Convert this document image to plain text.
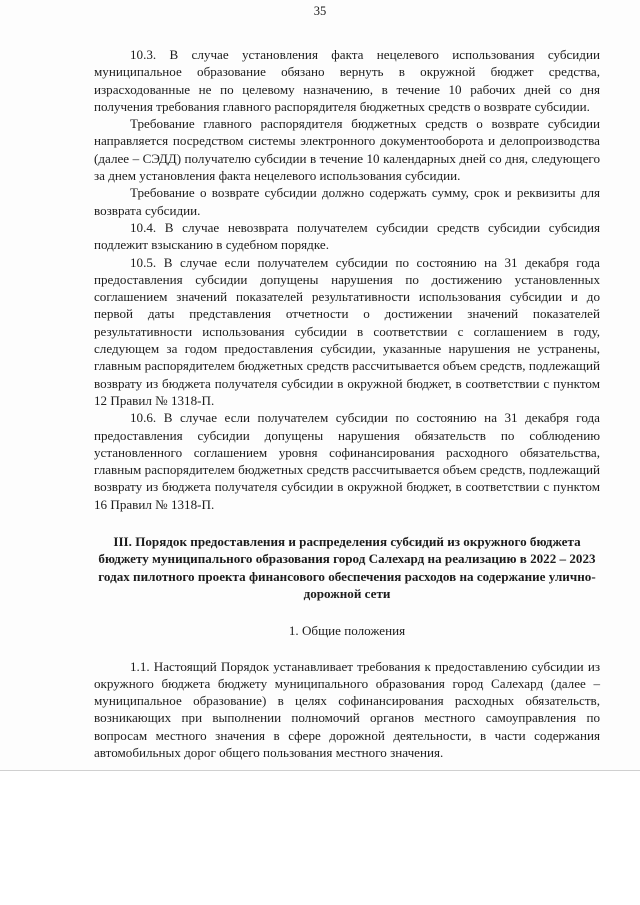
35

10.3. В случае установления факта нецелевого использования субсидии муниципальное образование обязано вернуть в окружной бюджет средства, израсходованные не по целевому назначению, в течение 10 рабочих дней со дня получения требования главного распорядителя бюджетных средств о возврате субсидии.

Требование главного распорядителя бюджетных средств о возврате субсидии направляется посредством системы электронного документооборота и делопроизводства (далее – СЭДД) получателю субсидии в течение 10 календарных дней со дня, следующего за днем установления факта нецелевого использования субсидии.

Требование о возврате субсидии должно содержать сумму, срок и реквизиты для возврата субсидии.

10.4. В случае невозврата получателем субсидии средств субсидии субсидия подлежит взысканию в судебном порядке.

10.5. В случае если получателем субсидии по состоянию на 31 декабря года предоставления субсидии допущены нарушения по достижению установленных соглашением значений показателей результативности использования субсидии и до первой даты представления отчетности о достижении значений показателей результативности использования субсидии в соответствии с соглашением в году, следующем за годом предоставления субсидии, указанные нарушения не устранены, главным распорядителем бюджетных средств рассчитывается объем средств, подлежащий возврату из бюджета получателя субсидии в окружной бюджет, в соответствии с пунктом 12 Правил № 1318-П.

10.6. В случае если получателем субсидии по состоянию на 31 декабря года предоставления субсидии допущены нарушения обязательств по соблюдению установленного соглашением уровня софинансирования расходного обязательства, главным распорядителем бюджетных средств рассчитывается объем средств, подлежащий возврату из бюджета получателя субсидии в окружной бюджет, в соответствии с пунктом 16 Правил № 1318-П.

III. Порядок предоставления и распределения субсидий из окружного бюджета бюджету муниципального образования город Салехард на реализацию в 2022 – 2023 годах пилотного проекта финансового обеспечения расходов на содержание улично-дорожной сети
1. Общие положения

1.1. Настоящий Порядок устанавливает требования к предоставлению субсидии из окружного бюджета бюджету муниципального образования город Салехард (далее – муниципальное образование) в целях софинансирования расходных обязательств, возникающих при выполнении полномочий органов местного самоуправления по вопросам местного значения в сфере дорожной деятельности, в части содержания автомобильных дорог общего пользования местного значения.
